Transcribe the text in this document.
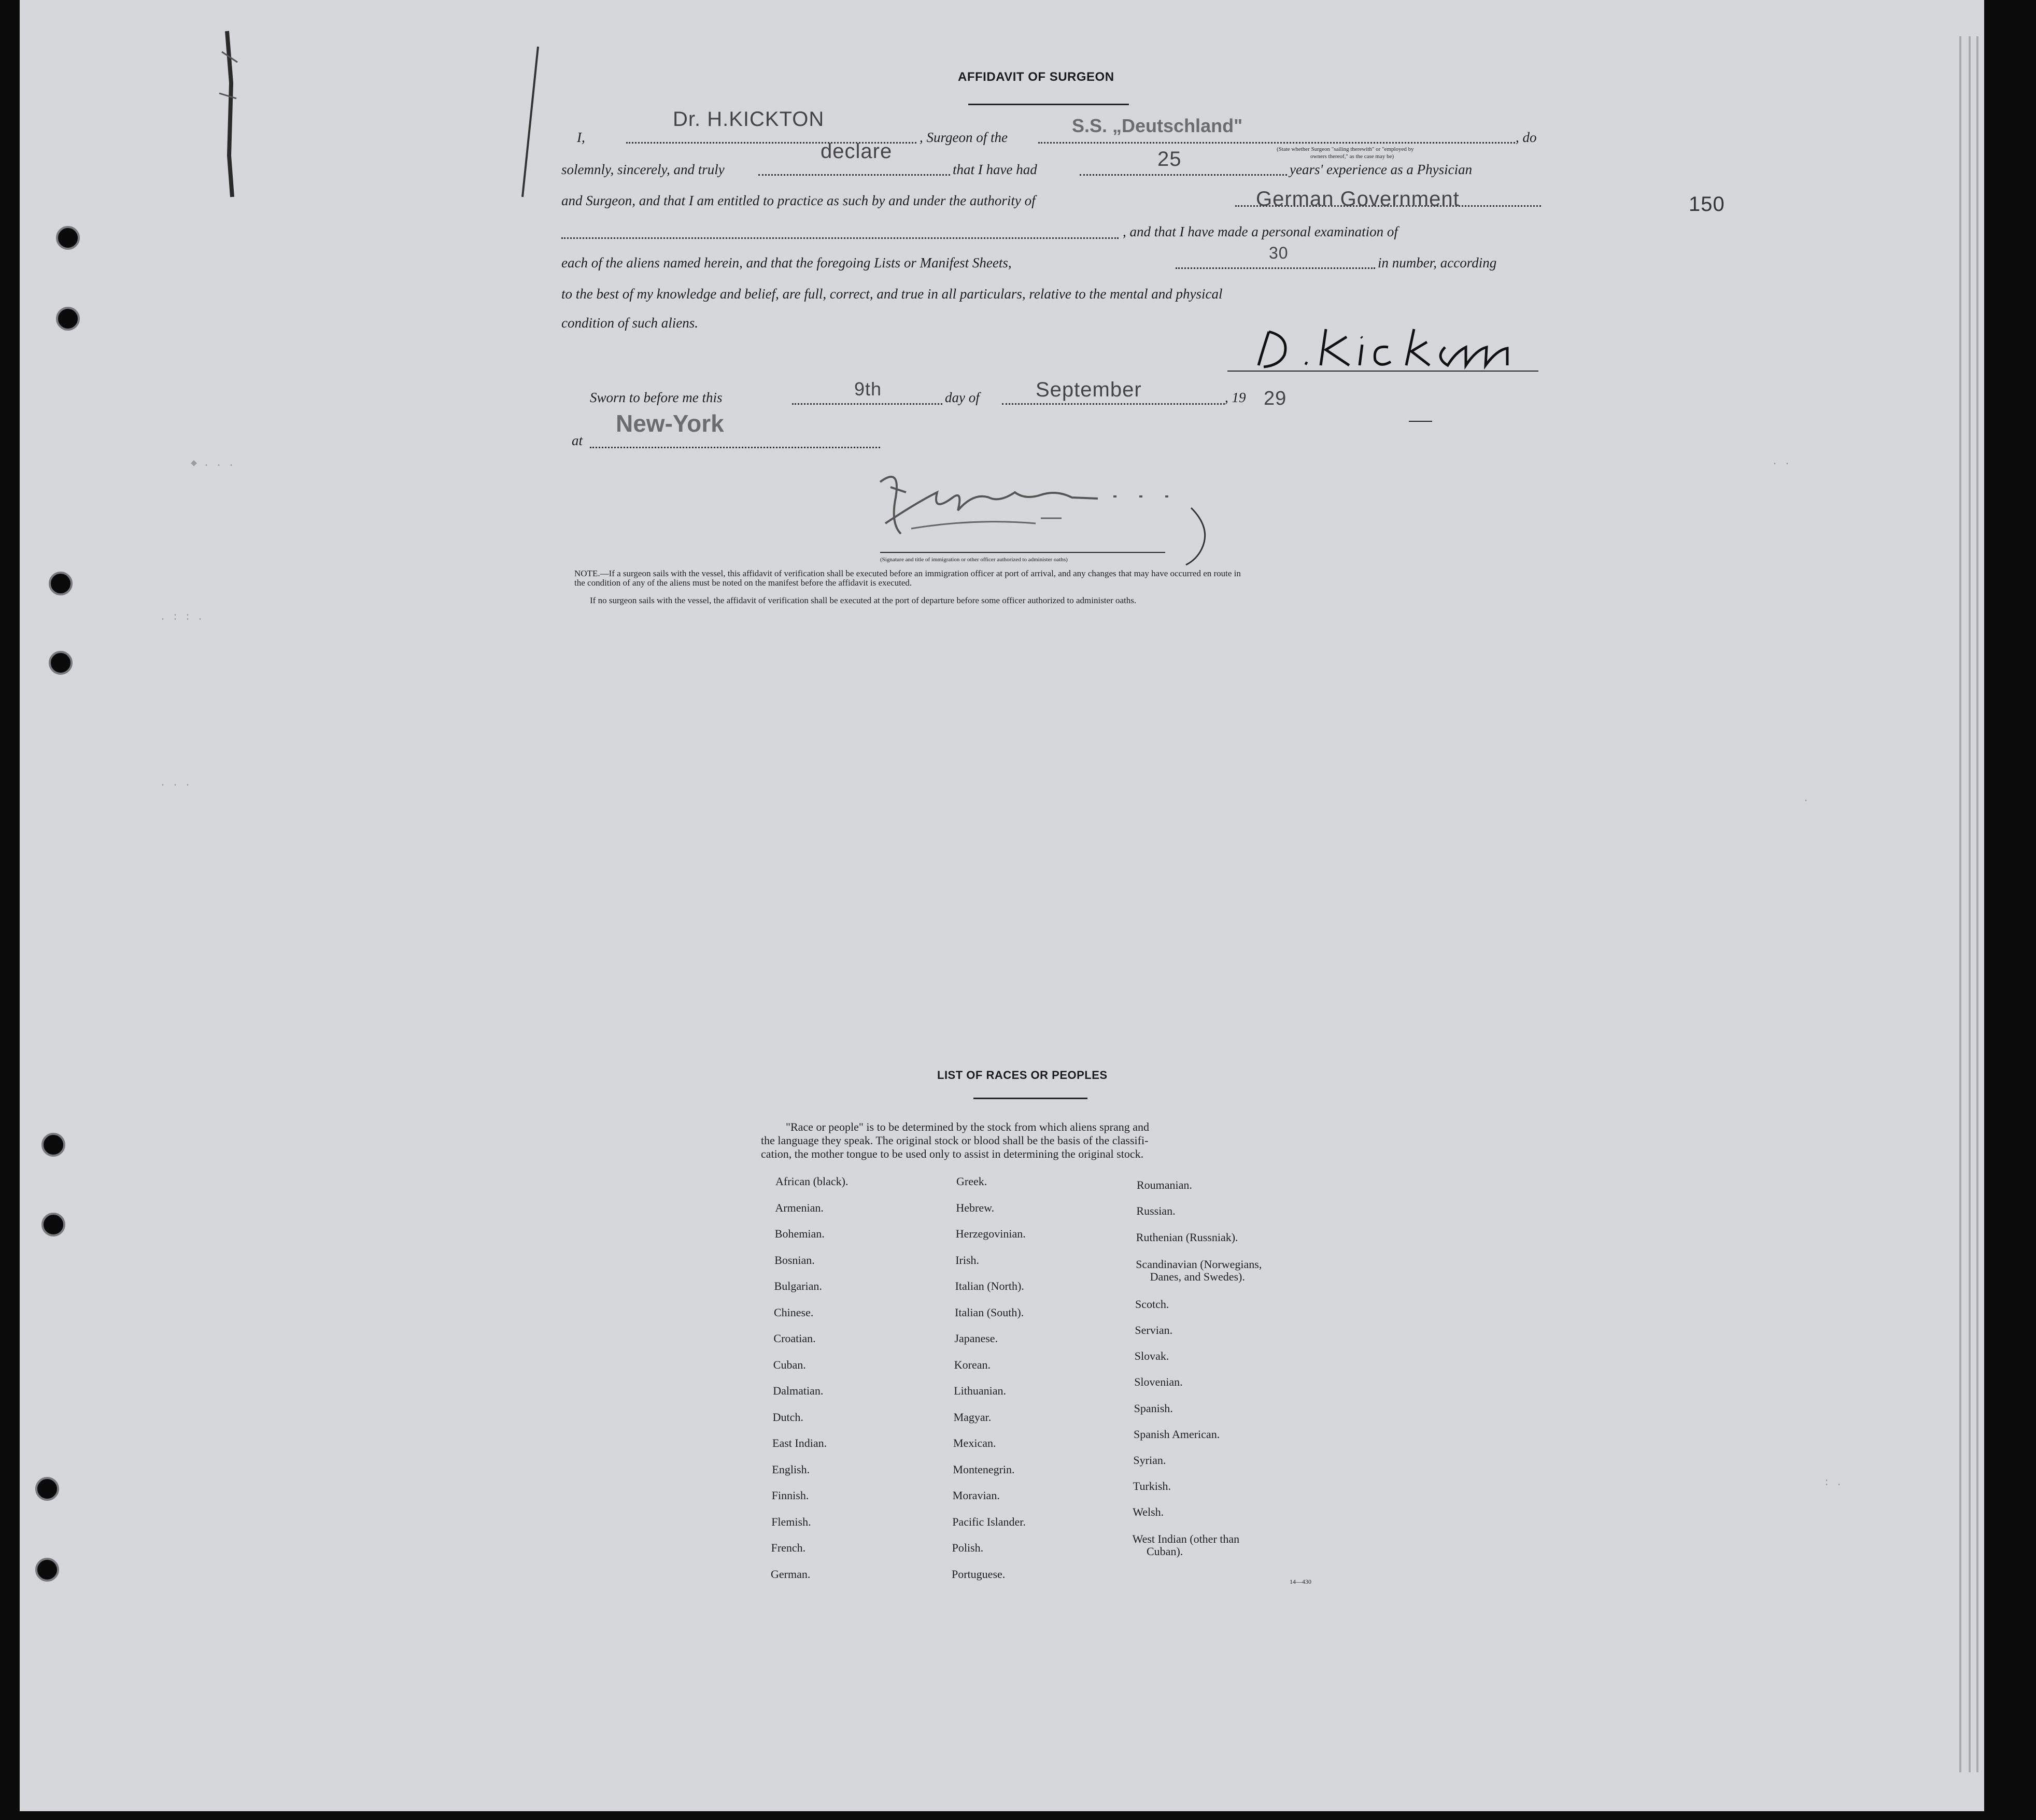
◆ . . .
. : : .
. . .
. .
.
: .
AFFIDAVIT OF SURGEON
150
I,
Dr. H.KICKTON
, Surgeon of the
S.S. „Deutschland"
(State whether Surgeon "sailing therewith" or "employed by
owners thereof," as the case may be)
, do
solemnly, sincerely, and truly
declare
that I have had	25	years' experience as a Physician
and Surgeon, and that I am entitled to practice as such by and under the authority of	German Government
, and that I have made a personal examination of
each of the aliens named herein, and that the foregoing Lists or Manifest Sheets,
30
in number, according
to the best of my knowledge and belief, are full, correct, and true in all particulars, relative to the mental and physical
condition of such aliens.
Sworn to before me this	9th	day of	September	, 19 29
New-York
at
(Signature and title of immigration or other officer authorized to administer oaths)
NOTE.—If a surgeon sails with the vessel, this affidavit of verification shall be executed before an immigration officer at port of arrival, and any changes that may have occurred en route in
the condition of any of the aliens must be noted on the manifest before the affidavit is executed.
If no surgeon sails with the vessel, the affidavit of verification shall be executed at the port of departure before some officer authorized to administer oaths.
LIST OF RACES OR PEOPLES
"Race or people" is to be determined by the stock from which aliens sprang and
the language they speak. The original stock or blood shall be the basis of the classifi-
cation, the mother tongue to be used only to assist in determining the original stock.
African (black).
Armenian.
Bohemian.
Bosnian.
Bulgarian.
Chinese.
Croatian.
Cuban.
Dalmatian.
Dutch.
East Indian.
English.
Finnish.
Flemish.
French.
German.
Greek.
Hebrew.
Herzegovinian.
Irish.
Italian (North).
Italian (South).
Japanese.
Korean.
Lithuanian.
Magyar.
Mexican.
Montenegrin.
Moravian.
Pacific Islander.
Polish.
Portuguese.
Roumanian.
Russian.
Ruthenian (Russniak).
Scandinavian (Norwegians,
Danes, and Swedes).
Scotch.
Servian.
Slovak.
Slovenian.
Spanish.
Spanish American.
Syrian.
Turkish.
Welsh.
West Indian (other than
Cuban).
14—430
